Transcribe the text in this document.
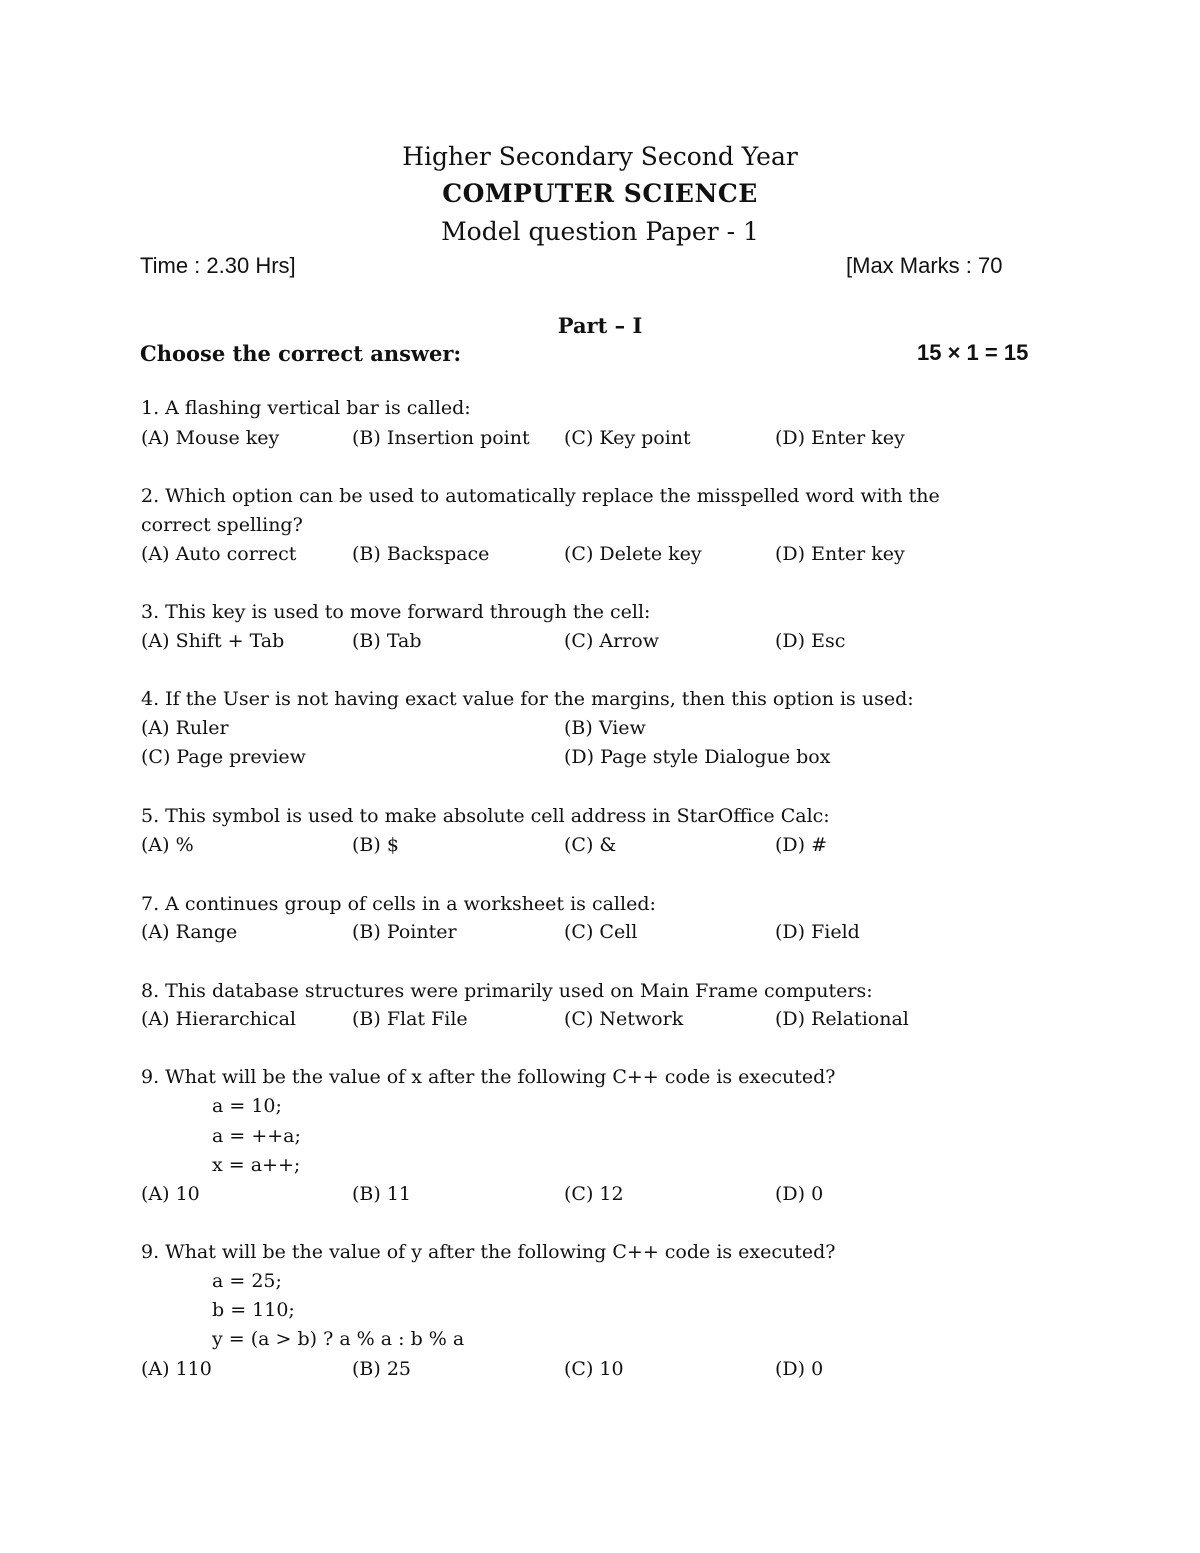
Higher Secondary Second Year
COMPUTER SCIENCE
Model question Paper - 1
Time : 2.30 Hrs]	[Max Marks : 70
Part – I
Choose the correct answer:	15 × 1 = 15
1. A flashing vertical bar is called:
(A) Mouse key	(B) Insertion point (C) Key point	(D) Enter key
2. Which option can be used to automatically replace the misspelled word with the
correct spelling?
(A) Auto correct	(B) Backspace	(C) Delete key	(D) Enter key
3. This key is used to move forward through the cell:
(A) Shift + Tab	(B) Tab	(C) Arrow	(D) Esc
4. If the User is not having exact value for the margins, then this option is used:
(A) Ruler	(B) View
(C) Page preview	(D) Page style Dialogue box
5. This symbol is used to make absolute cell address in StarOffice Calc:
(A) %	(B) $	(C) &	(D) #
7. A continues group of cells in a worksheet is called:
(A) Range	(B) Pointer	(C) Cell	(D) Field
8. This database structures were primarily used on Main Frame computers:
(A) Hierarchical	(B) Flat File	(C) Network	(D) Relational
9. What will be the value of x after the following C++ code is executed?
a = 10;
a = ++a;
x = a++;
(A) 10	(B) 11	(C) 12	(D) 0
9. What will be the value of y after the following C++ code is executed?
a = 25;
b = 110;
y = (a > b) ? a % a : b % a
(A) 110	(B) 25	(C) 10	(D) 0
